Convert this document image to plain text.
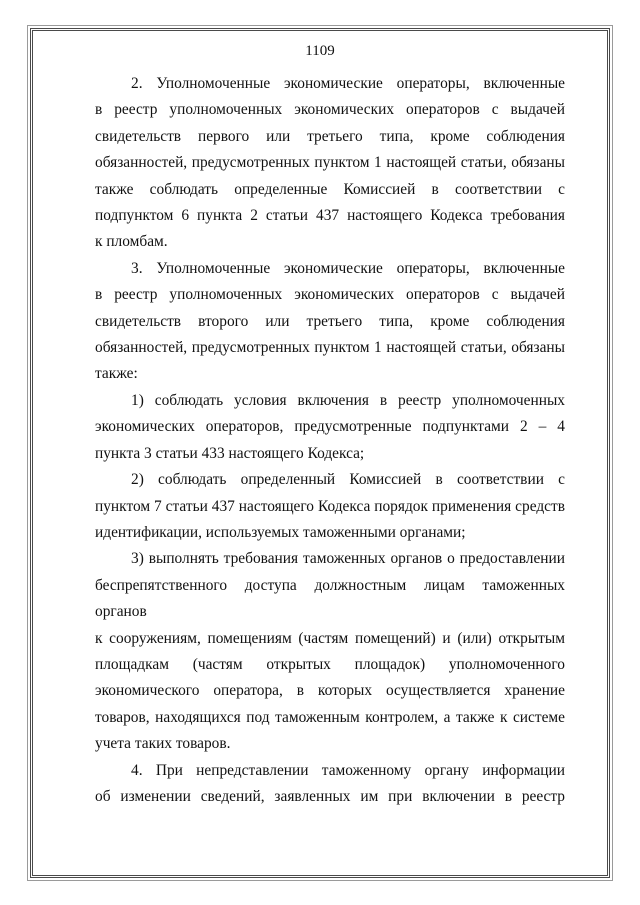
1109
2. Уполномоченные экономические операторы, включенные
в реестр уполномоченных экономических операторов с выдачей
свидетельств первого или третьего типа, кроме соблюдения
обязанностей, предусмотренных пунктом 1 настоящей статьи, обязаны
также соблюдать определенные Комиссией в соответствии с
подпунктом 6 пункта 2 статьи 437 настоящего Кодекса требования
к пломбам.
3. Уполномоченные экономические операторы, включенные
в реестр уполномоченных экономических операторов с выдачей
свидетельств второго или третьего типа, кроме соблюдения
обязанностей, предусмотренных пунктом 1 настоящей статьи, обязаны
также:
1) соблюдать условия включения в реестр уполномоченных
экономических операторов, предусмотренные подпунктами 2 – 4
пункта 3 статьи 433 настоящего Кодекса;
2) соблюдать определенный Комиссией в соответствии с
пунктом 7 статьи 437 настоящего Кодекса порядок применения средств
идентификации, используемых таможенными органами;
3) выполнять требования таможенных органов о предоставлении
беспрепятственного доступа должностным лицам таможенных органов
к сооружениям, помещениям (частям помещений) и (или) открытым
площадкам (частям открытых площадок) уполномоченного
экономического оператора, в которых осуществляется хранение
товаров, находящихся под таможенным контролем, а также к системе
учета таких товаров.
4. При непредставлении таможенному органу информации
об изменении сведений, заявленных им при включении в реестр
